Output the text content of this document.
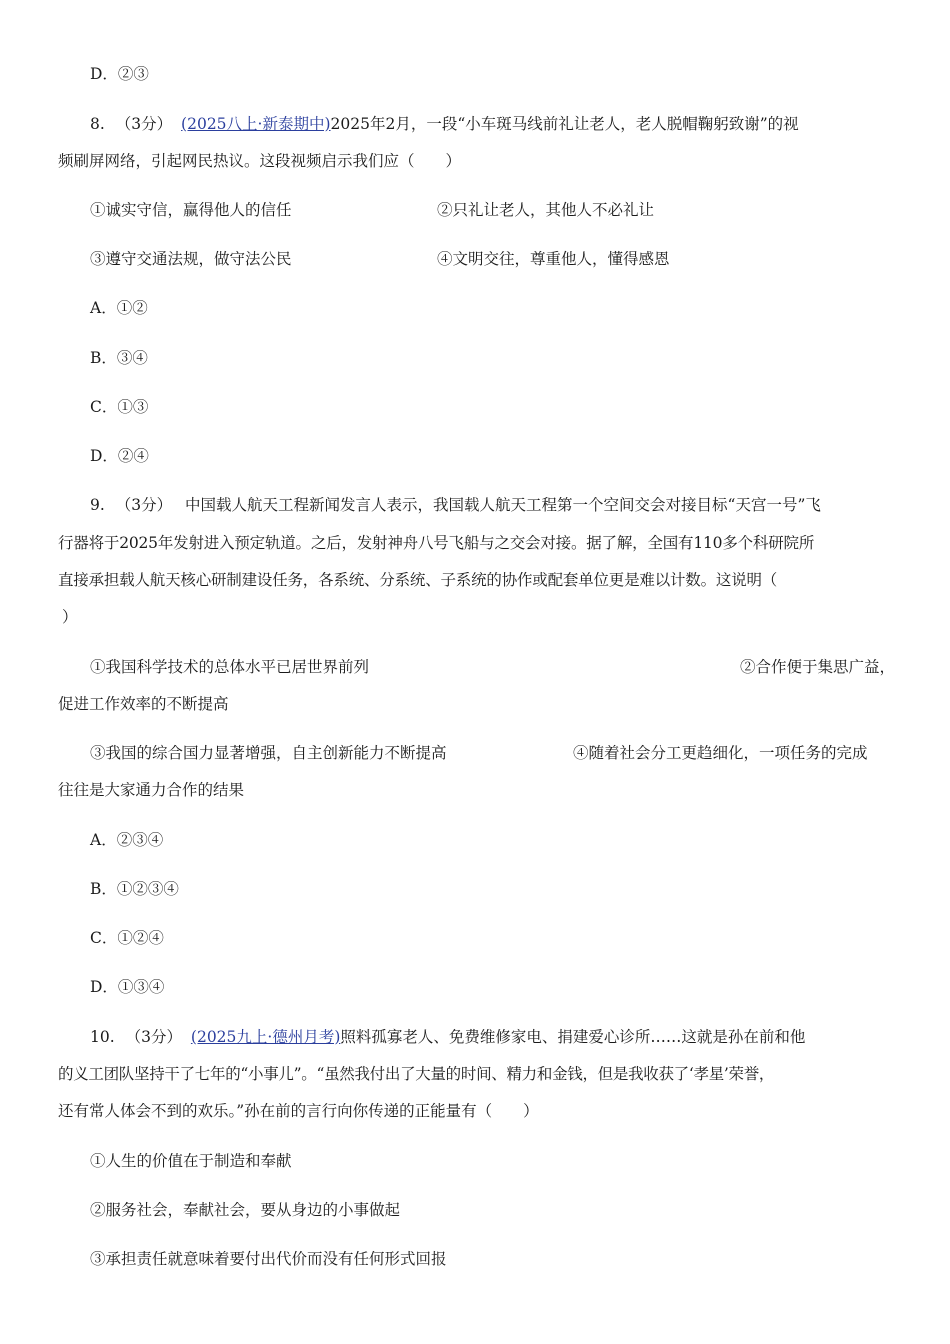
D．②③
8. （3分） (2025八上·新泰期中)2025年2月，一段“小车斑马线前礼让老人，老人脱帽鞠躬致谢”的视
频刷屏网络，引起网民热议。这段视频启示我们应（　　）
①诚实守信，赢得他人的信任	②只礼让老人，其他人不必礼让
③遵守交通法规，做守法公民	④文明交往，尊重他人，懂得感恩
A．①②
B．③④
C．①③
D．②④
9. （3分） 中国载人航天工程新闻发言人表示，我国载人航天工程第一个空间交会对接目标“天宫一号”飞
行器将于2025年发射进入预定轨道。之后，发射神舟八号飞船与之交会对接。据了解，全国有110多个科研院所
直接承担载人航天核心研制建设任务，各系统、分系统、子系统的协作或配套单位更是难以计数。这说明（
）
①我国科学技术的总体水平已居世界前列	②合作便于集思广益，
促进工作效率的不断提高
③我国的综合国力显著增强，自主创新能力不断提高	④随着社会分工更趋细化，一项任务的完成
往往是大家通力合作的结果
A．②③④
B．①②③④
C．①②④
D．①③④
10. （3分） (2025九上·德州月考)照料孤寡老人、免费维修家电、捐建爱心诊所……这就是孙在前和他
的义工团队坚持干了七年的“小事儿”。“虽然我付出了大量的时间、精力和金钱，但是我收获了‘孝星’荣誉，
还有常人体会不到的欢乐。”孙在前的言行向你传递的正能量有（　　）
①人生的价值在于制造和奉献
②服务社会，奉献社会，要从身边的小事做起
③承担责任就意味着要付出代价而没有任何形式回报
